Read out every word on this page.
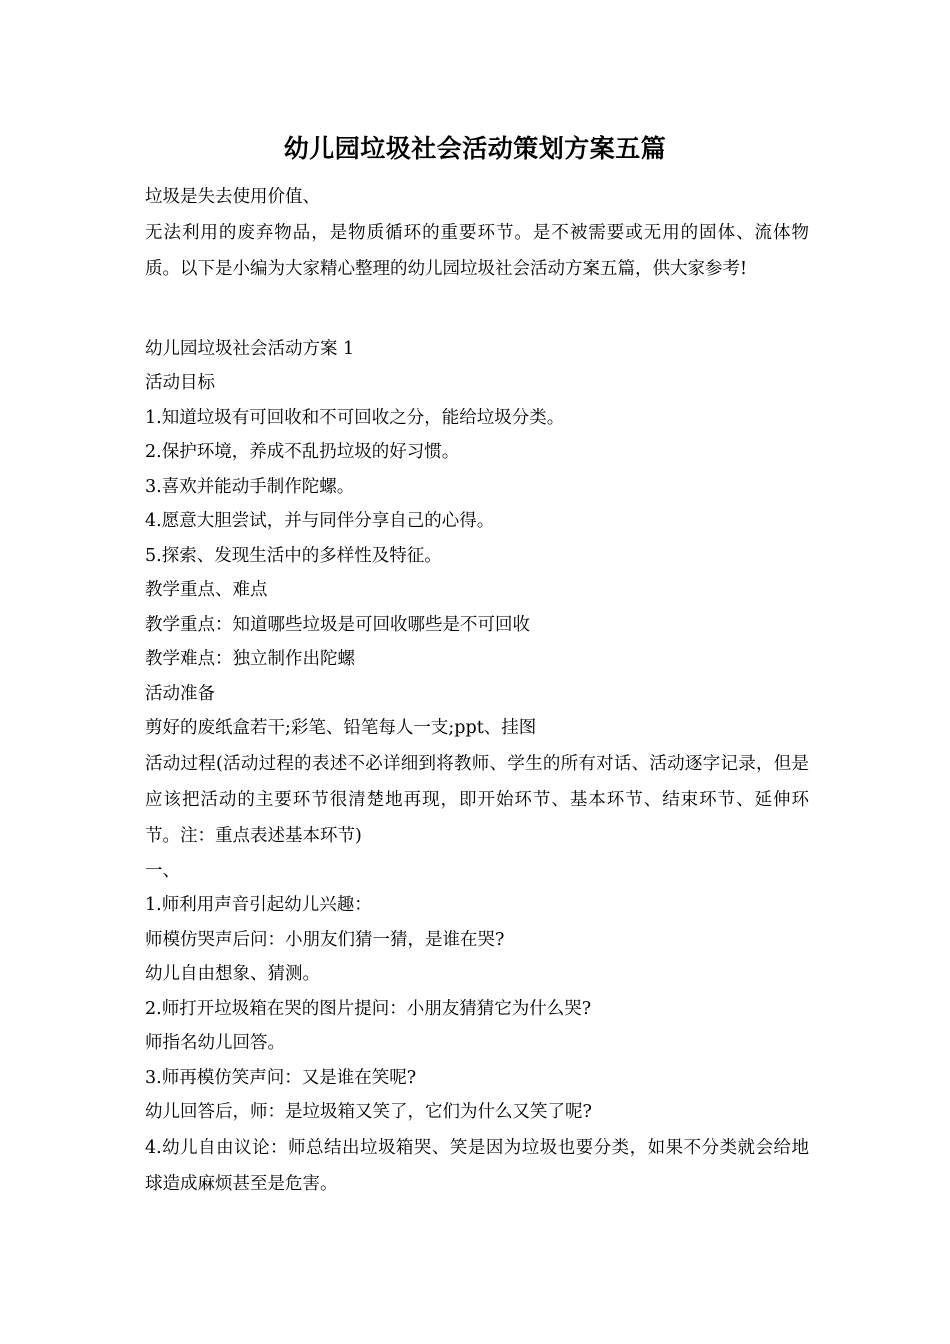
幼儿园垃圾社会活动策划方案五篇
垃圾是失去使用价值、
无法利用的废弃物品，是物质循环的重要环节。是不被需要或无用的固体、流体物质。以下是小编为大家精心整理的幼儿园垃圾社会活动方案五篇，供大家参考!
幼儿园垃圾社会活动方案 1
活动目标
1.知道垃圾有可回收和不可回收之分，能给垃圾分类。
2.保护环境，养成不乱扔垃圾的好习惯。
3.喜欢并能动手制作陀螺。
4.愿意大胆尝试，并与同伴分享自己的心得。
5.探索、发现生活中的多样性及特征。
教学重点、难点
教学重点：知道哪些垃圾是可回收哪些是不可回收
教学难点：独立制作出陀螺
活动准备
剪好的废纸盒若干;彩笔、铅笔每人一支;ppt、挂图
活动过程(活动过程的表述不必详细到将教师、学生的所有对话、活动逐字记录，但是应该把活动的主要环节很清楚地再现，即开始环节、基本环节、结束环节、延伸环节。注：重点表述基本环节)
一、
1.师利用声音引起幼儿兴趣：
师模仿哭声后问：小朋友们猜一猜，是谁在哭?
幼儿自由想象、猜测。
2.师打开垃圾箱在哭的图片提问：小朋友猜猜它为什么哭?
师指名幼儿回答。
3.师再模仿笑声问：又是谁在笑呢?
幼儿回答后，师：是垃圾箱又笑了，它们为什么又笑了呢?
4.幼儿自由议论：师总结出垃圾箱哭、笑是因为垃圾也要分类，如果不分类就会给地球造成麻烦甚至是危害。
